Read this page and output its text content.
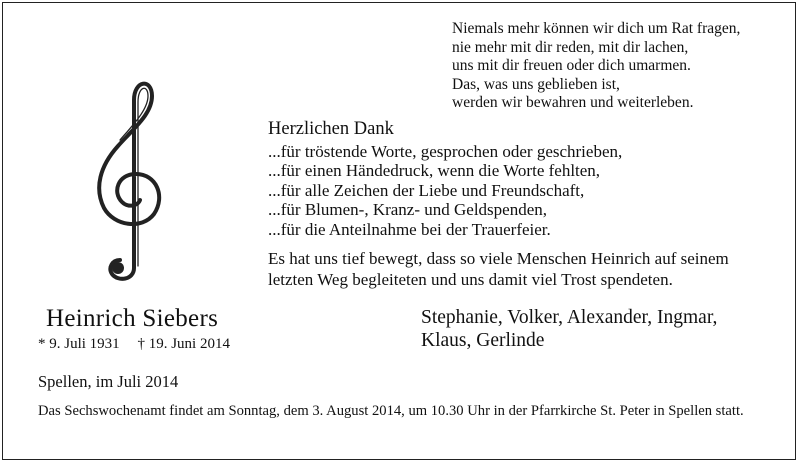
Niemals mehr können wir dich um Rat fragen,
nie mehr mit dir reden, mit dir lachen,
uns mit dir freuen oder dich umarmen.
Das, was uns geblieben ist,
werden wir bewahren und weiterleben.
Herzlichen Dank
...für tröstende Worte, gesprochen oder geschrieben,
...für einen Händedruck, wenn die Worte fehlten,
...für alle Zeichen der Liebe und Freundschaft,
...für Blumen-, Kranz- und Geldspenden,
...für die Anteilnahme bei der Trauerfeier.
Es hat uns tief bewegt, dass so viele Menschen Heinrich auf seinem
letzten Weg begleiteten und uns damit viel Trost spendeten.
Heinrich Siebers
* 9. Juli 1931 † 19. Juni 2014
Stephanie, Volker, Alexander, Ingmar,
Klaus, Gerlinde
Spellen, im Juli 2014
Das Sechswochenamt findet am Sonntag, dem 3. August 2014, um 10.30 Uhr in der Pfarrkirche St. Peter in Spellen statt.
